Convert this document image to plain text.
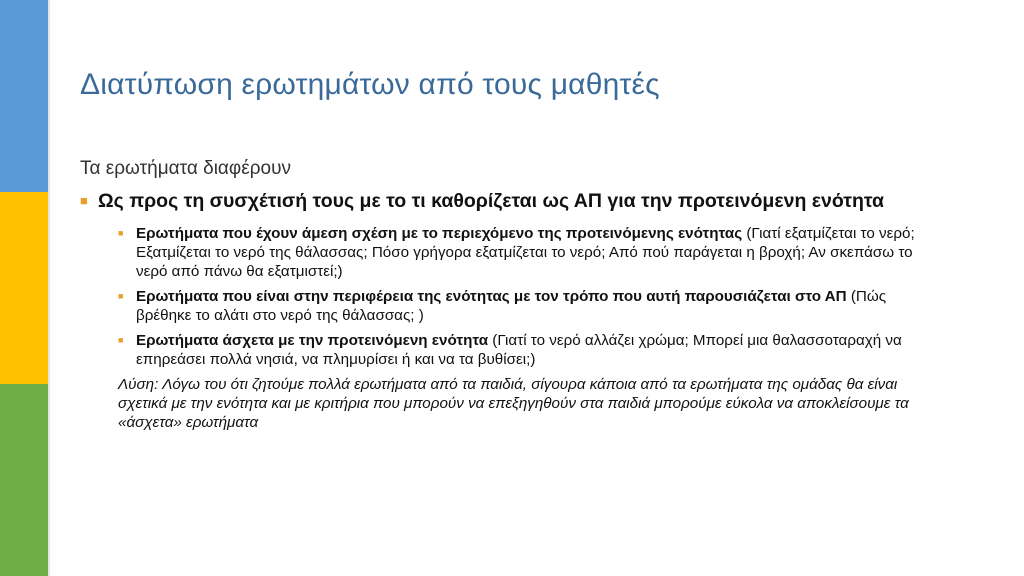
Διατύπωση ερωτημάτων από τους μαθητές

Τα ερωτήματα διαφέρουν

■ Ως προς τη συσχέτισή τους με το τι καθορίζεται ως ΑΠ για την προτεινόμενη ενότητα
■ Ερωτήματα που έχουν άμεση σχέση με το περιεχόμενο της προτεινόμενης ενότητας (Γιατί εξατμίζεται το νερό; Εξατμίζεται το νερό της θάλασσας; Πόσο γρήγορα εξατμίζεται το νερό; Από πού παράγεται η βροχή; Αν σκεπάσω το νερό από πάνω θα εξατμιστεί;)
■ Ερωτήματα που είναι στην περιφέρεια της ενότητας με τον τρόπο που αυτή παρουσιάζεται στο ΑΠ (Πώς βρέθηκε το αλάτι στο νερό της θάλασσας; )
■ Ερωτήματα άσχετα με την προτεινόμενη ενότητα (Γιατί το νερό αλλάζει χρώμα; Μπορεί μια θαλασσοταραχή να επηρεάσει πολλά νησιά, να πλημυρίσει ή και να τα βυθίσει;)

Λύση: Λόγω του ότι ζητούμε πολλά ερωτήματα από τα παιδιά, σίγουρα κάποια από τα ερωτήματα της ομάδας θα είναι σχετικά με την ενότητα και με κριτήρια που μπορούν να επεξηγηθούν στα παιδιά μπορούμε εύκολα να αποκλείσουμε τα «άσχετα» ερωτήματα
